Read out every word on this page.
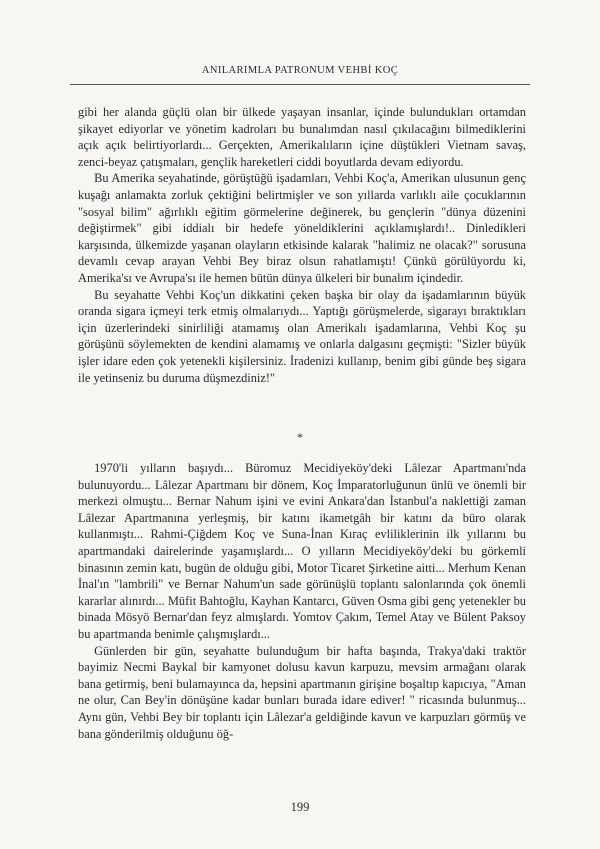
ANILARIMLA PATRONUM VEHBİ KOÇ

gibi her alanda güçlü olan bir ülkede yaşayan insanlar, içinde bulundukları ortamdan şikayet ediyorlar ve yönetim kadroları bu bunalımdan nasıl çıkılacağını bilmediklerini açık açık belirtiyorlardı... Gerçekten, Amerikalıların içine düştükleri Vietnam savaş, zenci-beyaz çatışmaları, gençlik hareketleri ciddi boyutlarda devam ediyordu.

Bu Amerika seyahatinde, görüştüğü işadamları, Vehbi Koç'a, Amerikan ulusunun genç kuşağı anlamakta zorluk çektiğini belirtmişler ve son yıllarda varlıklı aile çocuklarının "sosyal bilim" ağırlıklı eğitim görmelerine değinerek, bu gençlerin "dünya düzenini değiştirmek" gibi iddialı bir hedefe yöneldiklerini açıklamışlardı!.. Dinledikleri karşısında, ülkemizde yaşanan olayların etkisinde kalarak "halimiz ne olacak?" sorusuna devamlı cevap arayan Vehbi Bey biraz olsun rahatlamıştı! Çünkü görülüyordu ki, Amerika'sı ve Avrupa'sı ile hemen bütün dünya ülkeleri bir bunalım içindedir.

Bu seyahatte Vehbi Koç'un dikkatini çeken başka bir olay da işadamlarının büyük oranda sigara içmeyi terk etmiş olmalarıydı... Yaptığı görüşmelerde, sigarayı bıraktıkları için üzerlerindeki sinirliliği atamamış olan Amerikalı işadamlarına, Vehbi Koç şu görüşünü söylemekten de kendini alamamış ve onlarla dalgasını geçmişti: "Sizler büyük işler idare eden çok yetenekli kişilersiniz. İradenizi kullanıp, benim gibi günde beş sigara ile yetinseniz bu duruma düşmezdiniz!"

*

1970'li yılların başıydı... Büromuz Mecidiyeköy'deki Lâlezar Apartmanı'nda bulunuyordu... Lâlezar Apartmanı bir dönem, Koç İmparatorluğunun ünlü ve önemli bir merkezi olmuştu... Bernar Nahum işini ve evini Ankara'dan İstanbul'a naklettiği zaman Lâlezar Apartmanına yerleşmiş, bir katını ikametgâh bir katını da büro olarak kullanmıştı... Rahmi-Çiğdem Koç ve Suna-İnan Kıraç evliliklerinin ilk yıllarını bu apartmandaki dairelerinde yaşamışlardı... O yılların Mecidiyeköy'deki bu görkemli binasının zemin katı, bugün de olduğu gibi, Motor Ticaret Şirketine aitti... Merhum Kenan İnal'ın "lambrili" ve Bernar Nahum'un sade görünüşlü toplantı salonlarında çok önemli kararlar alınırdı... Müfit Bahtoğlu, Kayhan Kantarcı, Güven Osma gibi genç yetenekler bu binada Mösyö Bernar'dan feyz almışlardı. Yomtov Çakım, Temel Atay ve Bülent Paksoy bu apartmanda benimle çalışmışlardı...

Günlerden bir gün, seyahatte bulunduğum bir hafta başında, Trakya'daki traktör bayimiz Necmi Baykal bir kamyonet dolusu kavun karpuzu, mevsim armağanı olarak bana getirmiş, beni bulamayınca da, hepsini apartmanın girişine boşaltıp kapıcıya, "Aman ne olur, Can Bey'in dönüşüne kadar bunları burada idare ediver! " ricasında bulunmuş... Aynı gün, Vehbi Bey bir toplantı için Lâlezar'a geldiğinde kavun ve karpuzları görmüş ve bana gönderilmiş olduğunu öğ-

199
